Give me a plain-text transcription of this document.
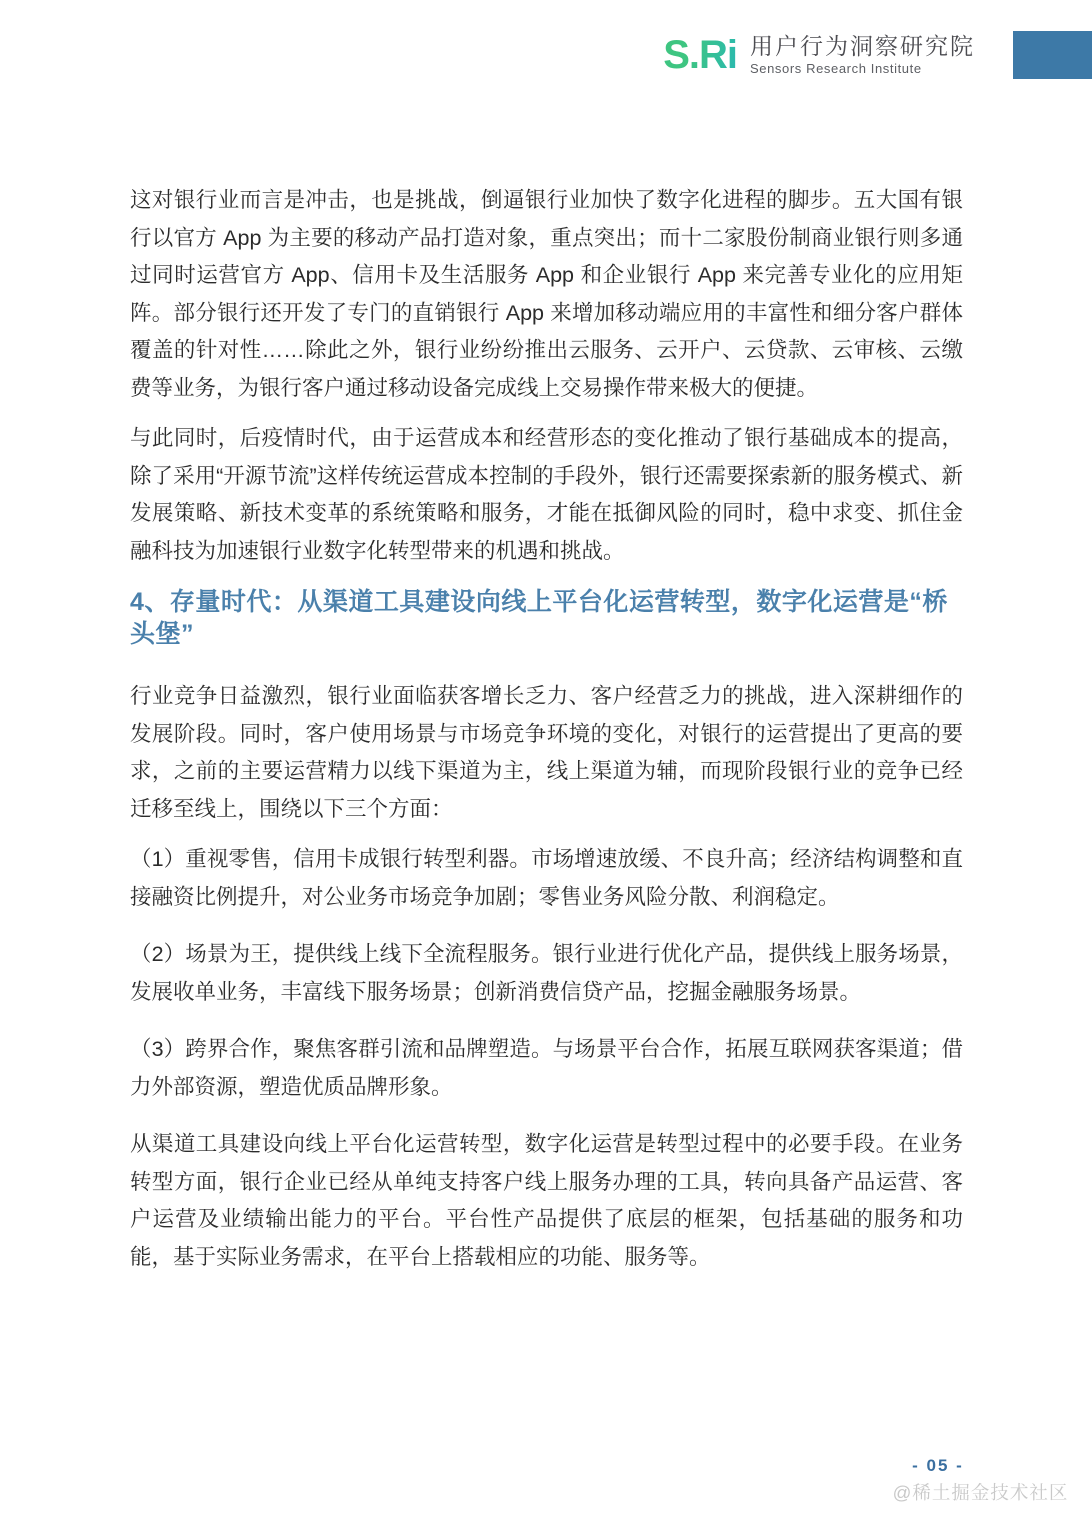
S.Ri 用户行为洞察研究院
Sensors Research Institute

这对银行业而言是冲击，也是挑战，倒逼银行业加快了数字化进程的脚步。五大国有银行以官方 App 为主要的移动产品打造对象，重点突出；而十二家股份制商业银行则多通过同时运营官方 App、信用卡及生活服务 App 和企业银行 App 来完善专业化的应用矩阵。部分银行还开发了专门的直销银行 App 来增加移动端应用的丰富性和细分客户群体覆盖的针对性……除此之外，银行业纷纷推出云服务、云开户、云贷款、云审核、云缴费等业务，为银行客户通过移动设备完成线上交易操作带来极大的便捷。

与此同时，后疫情时代，由于运营成本和经营形态的变化推动了银行基础成本的提高，除了采用“开源节流”这样传统运营成本控制的手段外，银行还需要探索新的服务模式、新发展策略、新技术变革的系统策略和服务，才能在抵御风险的同时，稳中求变、抓住金融科技为加速银行业数字化转型带来的机遇和挑战。

4、存量时代：从渠道工具建设向线上平台化运营转型，数字化运营是“桥头堡”

行业竞争日益激烈，银行业面临获客增长乏力、客户经营乏力的挑战，进入深耕细作的发展阶段。同时，客户使用场景与市场竞争环境的变化，对银行的运营提出了更高的要求，之前的主要运营精力以线下渠道为主，线上渠道为辅，而现阶段银行业的竞争已经迁移至线上，围绕以下三个方面：

（1）重视零售，信用卡成银行转型利器。市场增速放缓、不良升高；经济结构调整和直接融资比例提升，对公业务市场竞争加剧；零售业务风险分散、利润稳定。

（2）场景为王，提供线上线下全流程服务。银行业进行优化产品，提供线上服务场景，发展收单业务，丰富线下服务场景；创新消费信贷产品，挖掘金融服务场景。

（3）跨界合作，聚焦客群引流和品牌塑造。与场景平台合作，拓展互联网获客渠道；借力外部资源，塑造优质品牌形象。

从渠道工具建设向线上平台化运营转型，数字化运营是转型过程中的必要手段。在业务转型方面，银行企业已经从单纯支持客户线上服务办理的工具，转向具备产品运营、客户运营及业绩输出能力的平台。平台性产品提供了底层的框架，包括基础的服务和功能，基于实际业务需求，在平台上搭载相应的功能、服务等。

- 05 -
@稀土掘金技术社区
